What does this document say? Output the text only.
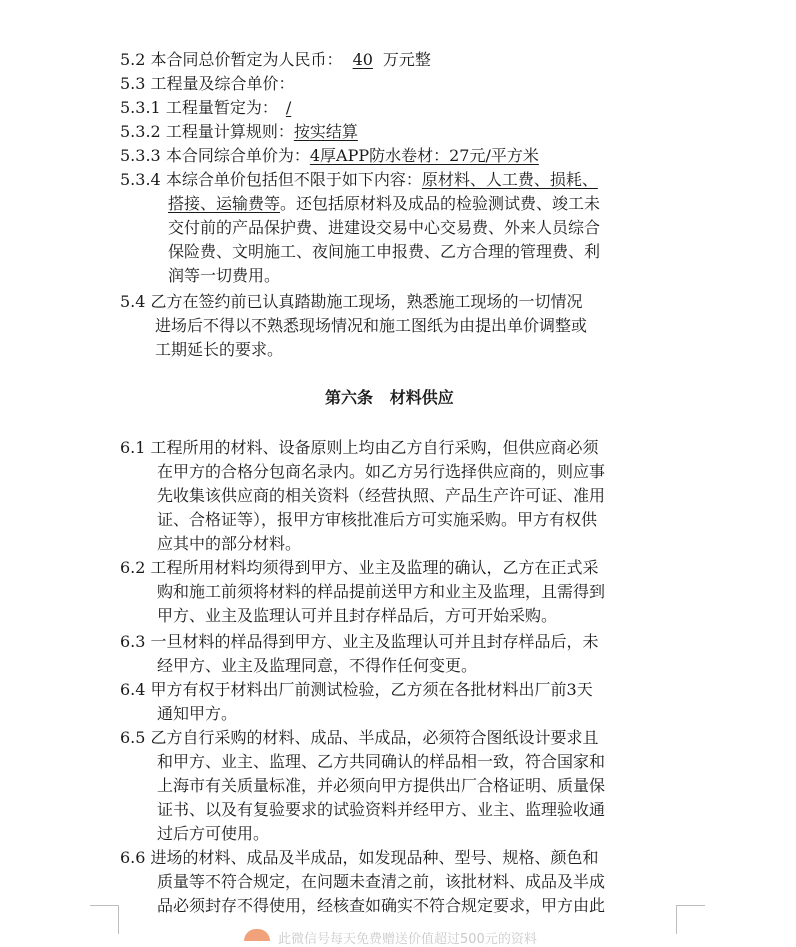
5.2 本合同总价暂定为人民币： 40 万元整
5.3 工程量及综合单价：
5.3.1 工程量暂定为： /
5.3.2 工程量计算规则：按实结算
5.3.3 本合同综合单价为：4厚APP防水卷材：27元/平方米
5.3.4 本综合单价包括但不限于如下内容：原材料、人工费、损耗、
搭接、运输费等。还包括原材料及成品的检验测试费、竣工未
交付前的产品保护费、进建设交易中心交易费、外来人员综合
保险费、文明施工、夜间施工申报费、乙方合理的管理费、利
润等一切费用。
5.4 乙方在签约前已认真踏勘施工现场，熟悉施工现场的一切情况
进场后不得以不熟悉现场情况和施工图纸为由提出单价调整或
工期延长的要求。
第六条   材料供应
6.1 工程所用的材料、设备原则上均由乙方自行采购，但供应商必须
在甲方的合格分包商名录内。如乙方另行选择供应商的，则应事
先收集该供应商的相关资料（经营执照、产品生产许可证、准用
证、合格证等），报甲方审核批准后方可实施采购。甲方有权供
应其中的部分材料。
6.2 工程所用材料均须得到甲方、业主及监理的确认，乙方在正式采
购和施工前须将材料的样品提前送甲方和业主及监理，且需得到
甲方、业主及监理认可并且封存样品后，方可开始采购。
6.3 一旦材料的样品得到甲方、业主及监理认可并且封存样品后，未
经甲方、业主及监理同意，不得作任何变更。
6.4 甲方有权于材料出厂前测试检验，乙方须在各批材料出厂前3天
通知甲方。
6.5 乙方自行采购的材料、成品、半成品，必须符合图纸设计要求且
和甲方、业主、监理、乙方共同确认的样品相一致，符合国家和
上海市有关质量标准，并必须向甲方提供出厂合格证明、质量保
证书、以及有复验要求的试验资料并经甲方、业主、监理验收通
过后方可使用。
6.6 进场的材料、成品及半成品，如发现品种、型号、规格、颜色和
质量等不符合规定，在问题未查清之前，该批材料、成品及半成
品必须封存不得使用，经核查如确实不符合规定要求，甲方由此
此微信号每天免费赠送价值超过500元的资料
